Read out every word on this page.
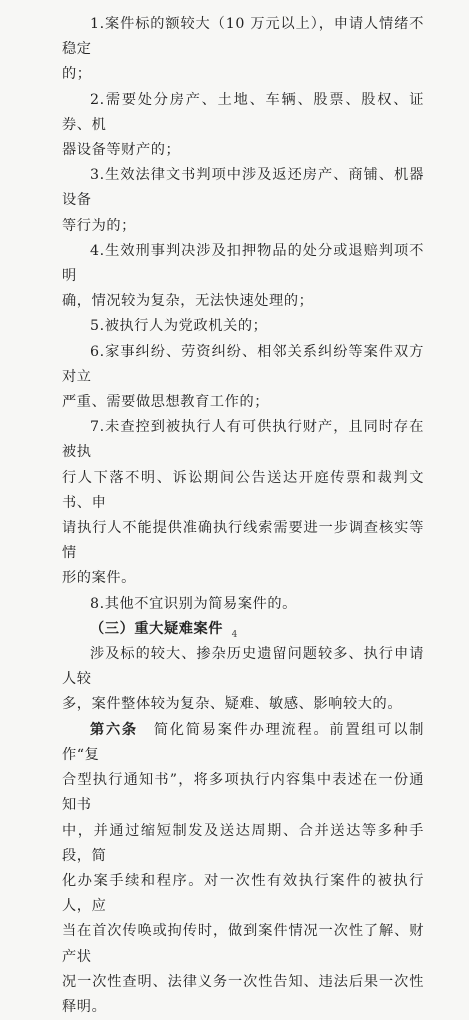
1.案件标的额较大（10 万元以上），申请人情绪不稳定
的；

2.需要处分房产、土地、车辆、股票、股权、证券、机
器设备等财产的；

3.生效法律文书判项中涉及返还房产、商铺、机器设备
等行为的；

4.生效刑事判决涉及扣押物品的处分或退赔判项不明
确，情况较为复杂，无法快速处理的；

5.被执行人为党政机关的；

6.家事纠纷、劳资纠纷、相邻关系纠纷等案件双方对立
严重、需要做思想教育工作的；

7.未查控到被执行人有可供执行财产，且同时存在被执
行人下落不明、诉讼期间公告送达开庭传票和裁判文书、申
请执行人不能提供准确执行线索需要进一步调查核实等情
形的案件。

8.其他不宜识别为简易案件的。

（三）重大疑难案件

涉及标的较大、掺杂历史遗留问题较多、执行申请人较
多，案件整体较为复杂、疑难、敏感、影响较大的。

第六条　简化简易案件办理流程。前置组可以制作“复
合型执行通知书”，将多项执行内容集中表述在一份通知书
中，并通过缩短制发及送达周期、合并送达等多种手段，简
化办案手续和程序。对一次性有效执行案件的被执行人，应
当在首次传唤或拘传时，做到案件情况一次性了解、财产状
况一次性查明、法律义务一次性告知、违法后果一次性释明。

4
